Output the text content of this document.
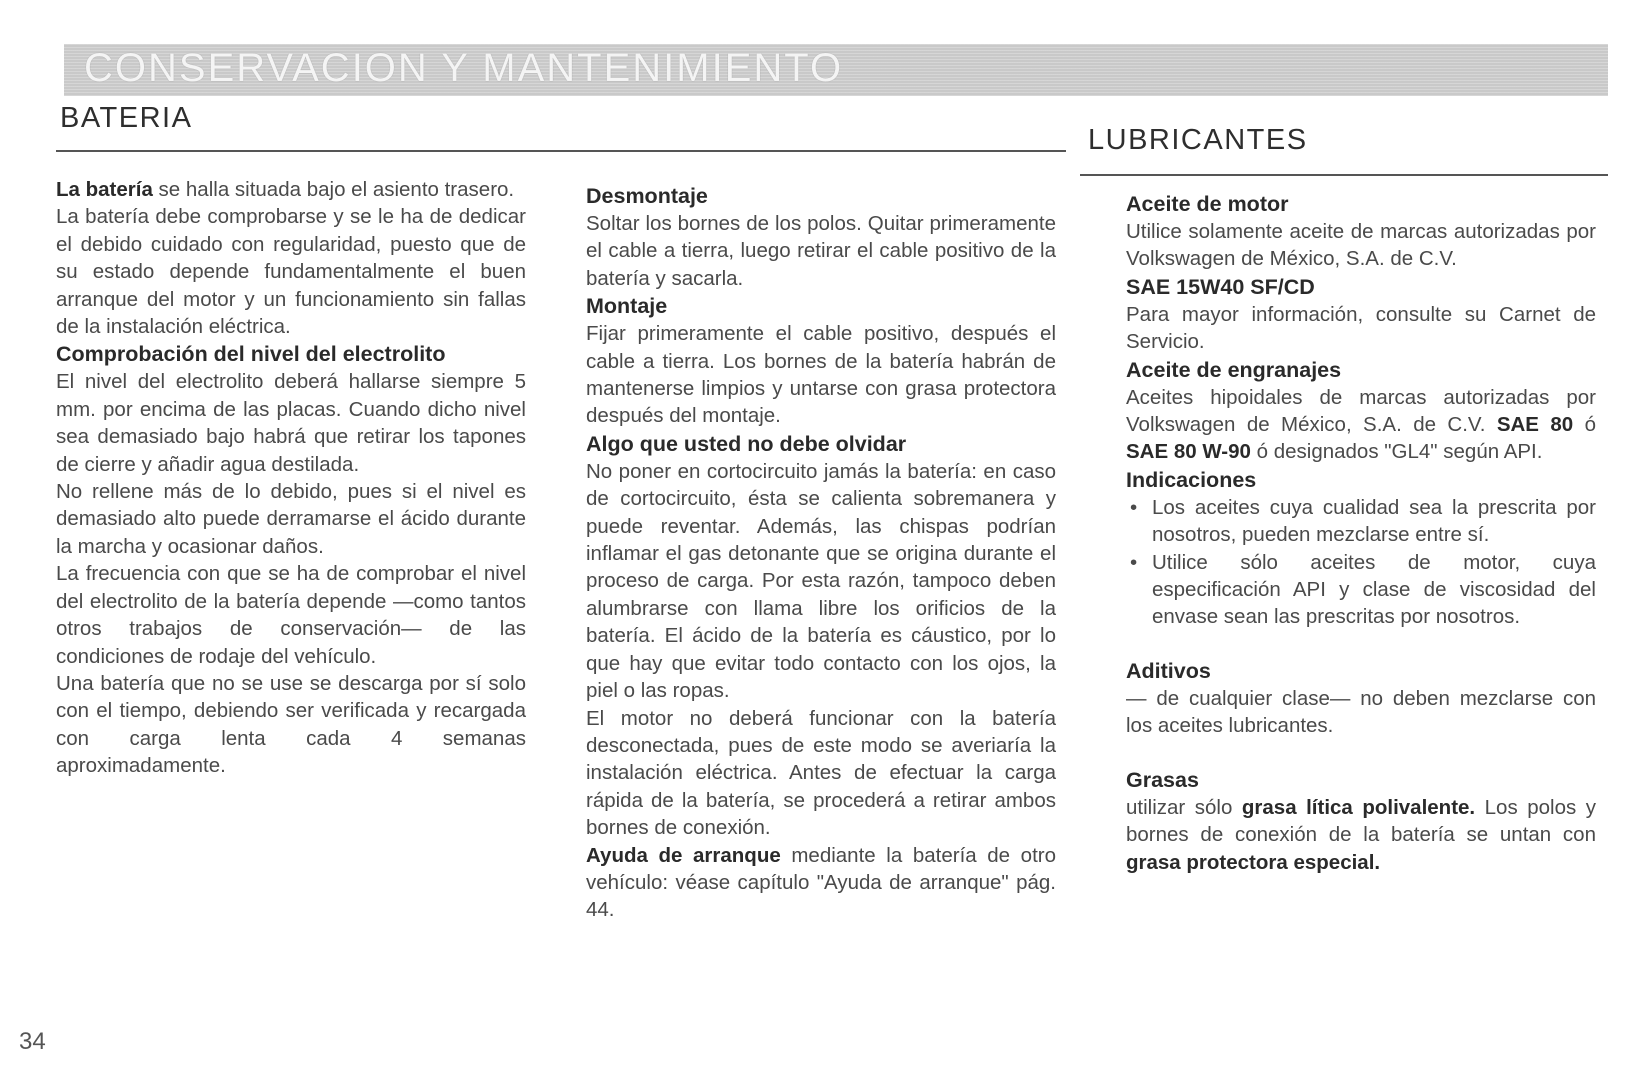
CONSERVACION Y MANTENIMIENTO
BATERIA
LUBRICANTES

La batería se halla situada bajo el asiento trasero.

La batería debe comprobarse y se le ha de dedicar el debido cuidado con regularidad, puesto que de su estado depende fundamentalmente el buen arranque del motor y un funcionamiento sin fallas de la instalación eléctrica.

Comprobación del nivel del electrolito

El nivel del electrolito deberá hallarse siempre 5 mm. por encima de las placas. Cuando dicho nivel sea demasiado bajo habrá que retirar los tapones de cierre y añadir agua destilada.

No rellene más de lo debido, pues si el nivel es demasiado alto puede derramarse el ácido durante la marcha y ocasionar daños.

La frecuencia con que se ha de comprobar el nivel del electrolito de la batería depende —como tantos otros trabajos de conservación— de las condiciones de rodaje del vehículo.

Una batería que no se use se descarga por sí solo con el tiempo, debiendo ser verificada y recargada con carga lenta cada 4 semanas aproximadamente.

Desmontaje

Soltar los bornes de los polos. Quitar primeramente el cable a tierra, luego retirar el cable positivo de la batería y sacarla.

Montaje

Fijar primeramente el cable positivo, después el cable a tierra. Los bornes de la batería habrán de mantenerse limpios y untarse con grasa protectora después del montaje.

Algo que usted no debe olvidar

No poner en cortocircuito jamás la batería: en caso de cortocircuito, ésta se calienta sobremanera y puede reventar. Además, las chispas podrían inflamar el gas detonante que se origina durante el proceso de carga. Por esta razón, tampoco deben alumbrarse con llama libre los orificios de la batería. El ácido de la batería es cáustico, por lo que hay que evitar todo contacto con los ojos, la piel o las ropas.

El motor no deberá funcionar con la batería desconectada, pues de este modo se averiaría la instalación eléctrica. Antes de efectuar la carga rápida de la batería, se procederá a retirar ambos bornes de conexión.

Ayuda de arranque mediante la batería de otro vehículo: véase capítulo "Ayuda de arranque" pág. 44.

Aceite de motor

Utilice solamente aceite de marcas autorizadas por Volkswagen de México, S.A. de C.V.

SAE 15W40 SF/CD

Para mayor información, consulte su Carnet de Servicio.

Aceite de engranajes

Aceites hipoidales de marcas autorizadas por Volkswagen de México, S.A. de C.V. SAE 80 ó SAE 80 W-90 ó designados "GL4" según API.

Indicaciones
• Los aceites cuya cualidad sea la prescrita por nosotros, pueden mezclarse entre sí.
• Utilice sólo aceites de motor, cuya especificación API y clase de viscosidad del envase sean las prescritas por nosotros.
Aditivos

— de cualquier clase— no deben mezclarse con los aceites lubricantes.

Grasas

utilizar sólo grasa lítica polivalente. Los polos y bornes de conexión de la batería se untan con grasa protectora especial.

34
